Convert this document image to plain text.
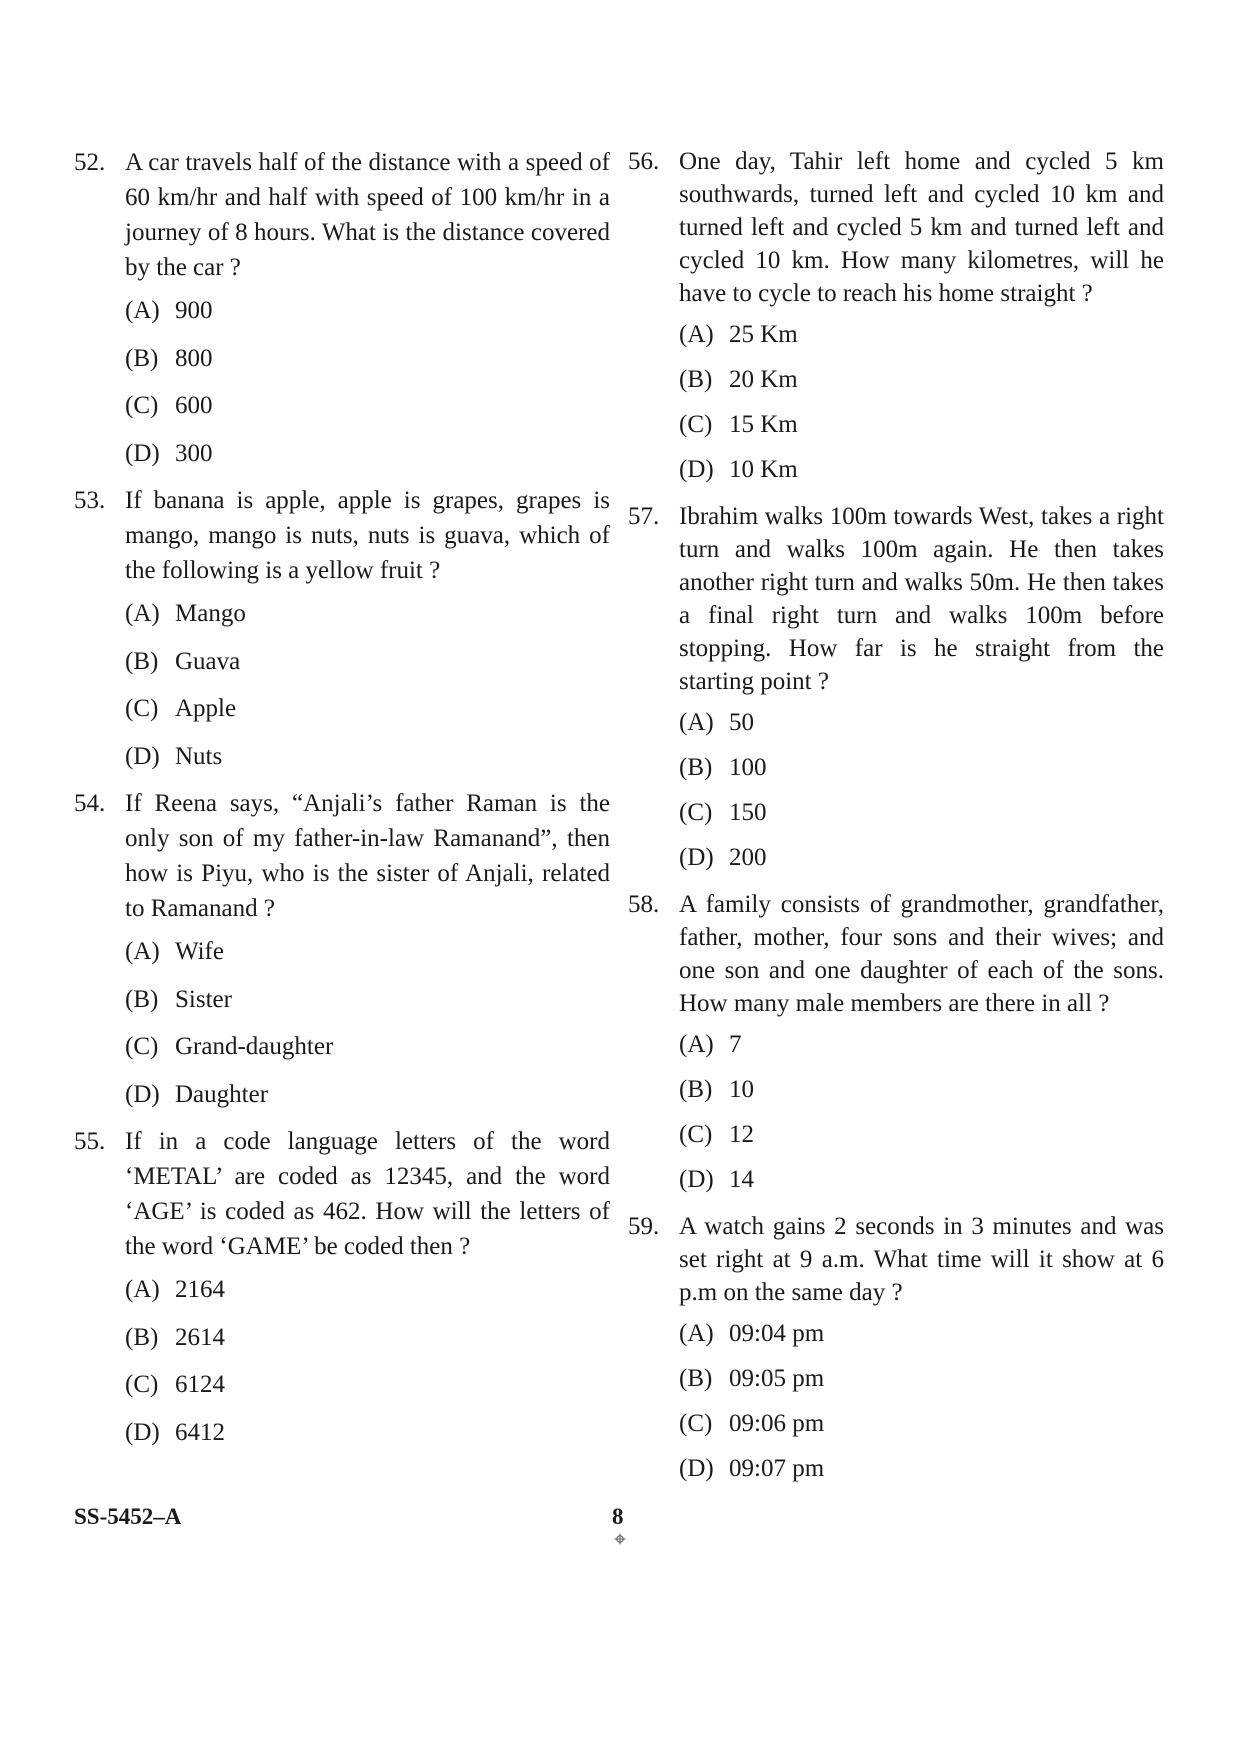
52. A car travels half of the distance with a speed of 60 km/hr and half with speed of 100 km/hr in a journey of 8 hours. What is the distance covered by the car ?
(A) 900
(B) 800
(C) 600
(D) 300
53. If banana is apple, apple is grapes, grapes is mango, mango is nuts, nuts is guava, which of the following is a yellow fruit ?
(A) Mango
(B) Guava
(C) Apple
(D) Nuts
54. If Reena says, “Anjali’s father Raman is the only son of my father-in-law Ramanand”, then how is Piyu, who is the sister of Anjali, related to Ramanand ?
(A) Wife
(B) Sister
(C) Grand-daughter
(D) Daughter
55. If in a code language letters of the word ‘METAL’ are coded as 12345, and the word ‘AGE’ is coded as 462. How will the letters of the word ‘GAME’ be coded then ?
(A) 2164
(B) 2614
(C) 6124
(D) 6412
56. One day, Tahir left home and cycled 5 km southwards, turned left and cycled 10 km and turned left and cycled 5 km and turned left and cycled 10 km. How many kilometres, will he have to cycle to reach his home straight ?
(A) 25 Km
(B) 20 Km
(C) 15 Km
(D) 10 Km
57. Ibrahim walks 100m towards West, takes a right turn and walks 100m again. He then takes another right turn and walks 50m. He then takes a final right turn and walks 100m before stopping. How far is he straight from the starting point ?
(A) 50
(B) 100
(C) 150
(D) 200
58. A family consists of grandmother, grandfather, father, mother, four sons and their wives; and one son and one daughter of each of the sons. How many male members are there in all ?
(A) 7
(B) 10
(C) 12
(D) 14
59. A watch gains 2 seconds in 3 minutes and was set right at 9 a.m. What time will it show at 6 p.m on the same day ?
(A) 09:04 pm
(B) 09:05 pm
(C) 09:06 pm
(D) 09:07 pm
SS-5452–A	8
